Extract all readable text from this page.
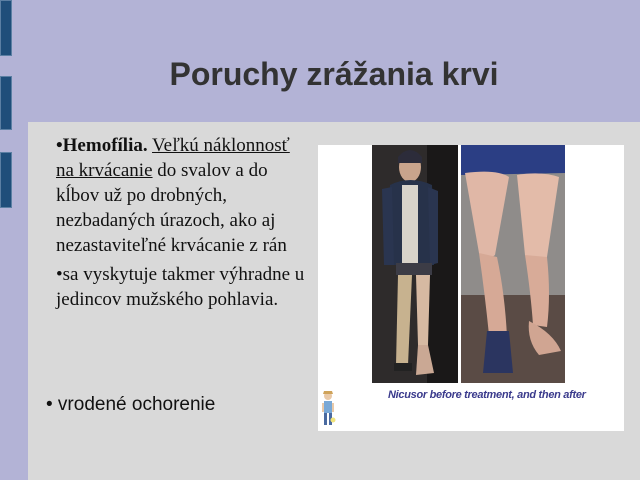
Poruchy zrážania krvi

•Hemofília. Veľkú náklonnosť na krvácanie do svalov a do kĺbov už po drobných, nezbadaných úrazoch, ako aj nezastaviteľné krvácanie z rán

•sa vyskytuje takmer výhradne u jedincov mužského pohlavia.

• vrodené ochorenie	Nicusor before treatment, and then after
